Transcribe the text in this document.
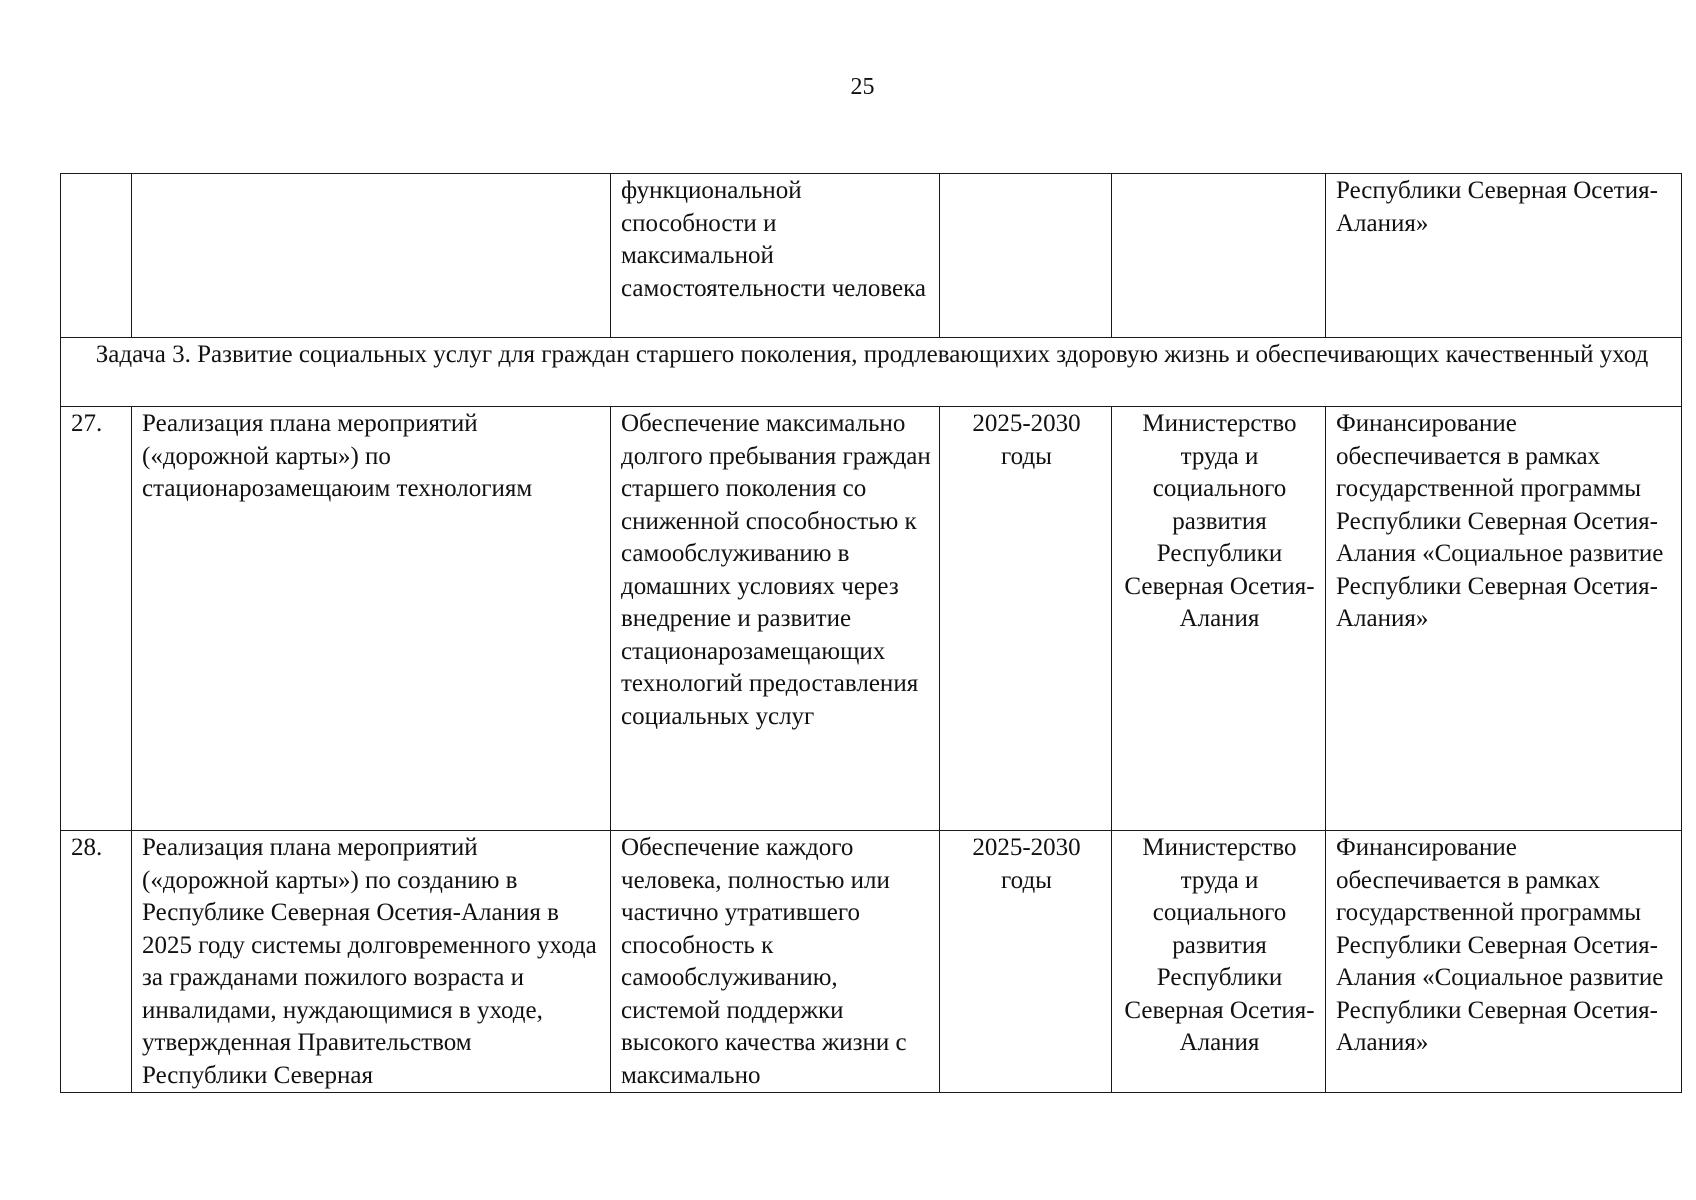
25

		функциональной способности и максимальной самостоятельности человека			Республики Северная Осетия-Алания»

Задача 3. Развитие социальных услуг для граждан старшего поколения, продлевающихих здоровую жизнь и обеспечивающих качественный уход					

27.	Реализация плана мероприятий («дорожной карты») по стационарозамещаюим технологиям	Обеспечение максимально долгого пребывания граждан старшего поколения со сниженной способностью к самообслуживанию в домашних условиях через внедрение и развитие стационарозамещающих технологий предоставления социальных услуг	2025-2030 годы	Министерство труда и социального развития Республики Северная Осетия-Алания	Финансирование обеспечивается в рамках государственной программы Республики Северная Осетия-Алания «Социальное развитие Республики Северная Осетия-Алания»

28.	Реализация плана мероприятий («дорожной карты») по созданию в Республике Северная Осетия-Алания в 2025 году системы долговременного ухода за гражданами пожилого возраста и инвалидами, нуждающимися в уходе, утвержденная Правительством Республики Северная	Обеспечение каждого человека, полностью или частично утратившего способность к самообслуживанию, системой поддержки высокого качества жизни с максимально	2025-2030 годы	Министерство труда и социального развития Республики Северная Осетия-Алания	Финансирование обеспечивается в рамках государственной программы Республики Северная Осетия-Алания «Социальное развитие Республики Северная Осетия-Алания»
